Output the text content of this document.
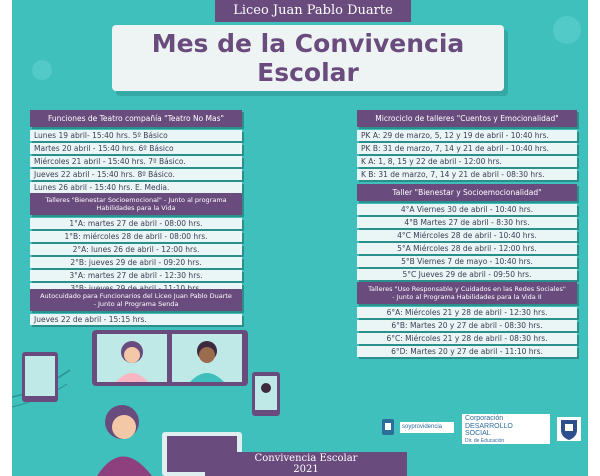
Liceo Juan Pablo Duarte
Mes de la Convivencia
Escolar
Funciones de Teatro compañía "Teatro No Mas"
Lunes 19 abril- 15:40 hrs. 5º Básico
Martes 20 abril - 15:40 hrs. 6º Básico
Miércoles 21 abril - 15:40 hrs. 7º Básico.
Jueves 22 abril - 15:40 hrs. 8º Básico.
Lunes 26 abril - 15:40 hrs. E. Media.
Talleres "Bienestar Socioemocional" - Junto al programa
Habilidades para la Vida
1°A: martes 27 de abril - 08:00 hrs.
1°B: miércoles 28 de abril - 08:00 hrs.
2°A: lunes 26 de abril - 12:00 hrs.
2°B: jueves 29 de abril - 09:20 hrs.
3°A: martes 27 de abril - 12:30 hrs.
Autocuidado para Funcionarios del Liceo Juan Pablo Duarte
- Junto al Programa Senda
Jueves 22 de abril - 15:15 hrs.
Microciclo de talleres "Cuentos y Emocionalidad"
PK A: 29 de marzo, 5, 12 y 19 de abril - 10:40 hrs.
PK B: 31 de marzo, 7, 14 y 21 de abril - 10:40 hrs.
K A: 1, 8, 15 y 22 de abril - 12:00 hrs.
K B: 31 de marzo, 7, 14 y 21 de abril - 08:30 hrs.
Taller "Bienestar y Socioemocionalidad"
4°A Viernes 30 de abril - 10:40 hrs.
4°B Martes 27 de abril - 8:30 hrs.
4°C Miércoles 28 de abril - 10:40 hrs.
5°A Miércoles 28 de abril - 12:00 hrs.
5°B Viernes 7 de mayo - 10:40 hrs.
5°C Jueves 29 de abril - 09:50 hrs.
Talleres "Uso Responsable y Cuidados en las Redes Sociales"
- Junto al Programa Habilidades para la Vida II
6°A: Miércoles 21 y 28 de abril - 12:30 hrs.
6°B: Martes 20 y 27 de abril - 08:30 hrs.
6°C: Miércoles 21 y 28 de abril - 08:30 hrs.
6°D: Martes 20 y 27 de abril - 11:10 hrs.
soyprovidencia
Corporación
DESARROLLO
SOCIAL
Dir. de Educación
Convivencia Escolar
2021
